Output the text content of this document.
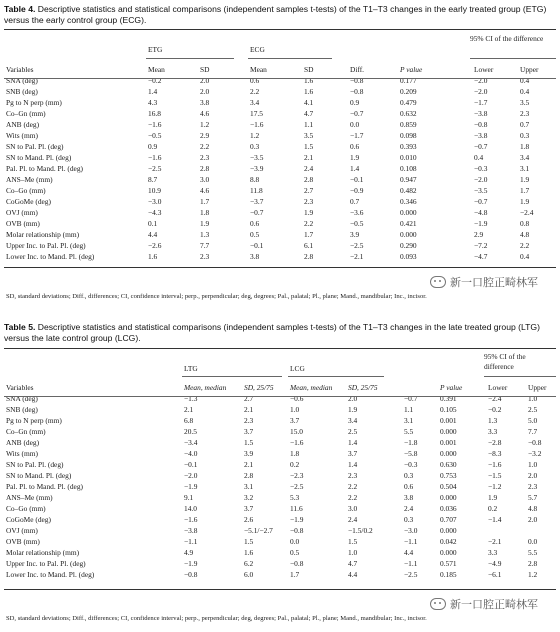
Table 4. Descriptive statistics and statistical comparisons (independent samples t-tests) of the T1–T3 changes in the early treated group (ETG) versus the early control group (ECG).
95% CI of the difference
ETG	ECG
Variables	Mean	SD	Mean	SD	Diff.	P value	Lower	Upper
SNA (deg)	−0.2	2.0	0.6	1.6	−0.8	0.177	−2.0	0.4
SNB (deg)	1.4	2.0	2.2	1.6	−0.8	0.209	−2.0	0.4
Pg to N perp (mm)	4.3	3.8	3.4	4.1	0.9	0.479	−1.7	3.5
Co–Gn (mm)	16.8	4.6	17.5	4.7	−0.7	0.632	−3.8	2.3
ANB (deg)	−1.6	1.2	−1.6	1.1	0.0	0.859	−0.8	0.7
Wits (mm)	−0.5	2.9	1.2	3.5	−1.7	0.098	−3.8	0.3
SN to Pal. Pl. (deg)	0.9	2.2	0.3	1.5	0.6	0.393	−0.7	1.8
SN to Mand. Pl. (deg)	−1.6	2.3	−3.5	2.1	1.9	0.010	0.4	3.4
Pal. Pl. to Mand. Pl. (deg)	−2.5	2.8	−3.9	2.4	1.4	0.108	−0.3	3.1
ANS–Me (mm)	8.7	3.0	8.8	2.8	−0.1	0.947	−2.0	1.9
Co–Go (mm)	10.9	4.6	11.8	2.7	−0.9	0.482	−3.5	1.7
CoGoMe (deg)	−3.0	1.7	−3.7	2.3	0.7	0.346	−0.7	1.9
OVJ (mm)	−4.3	1.8	−0.7	1.9	−3.6	0.000	−4.8	−2.4
OVB (mm)	0.1	1.9	0.6	2.2	−0.5	0.421	−1.9	0.8
Molar relationship (mm)	4.4	1.3	0.5	1.7	3.9	0.000	2.9	4.8
Upper Inc. to Pal. Pl. (deg)	−2.6	7.7	−0.1	6.1	−2.5	0.290	−7.2	2.2
Lower Inc. to Mand. Pl. (deg)	1.6	2.3	3.8	2.8	−2.1	0.093	−4.7	0.4
SD, standard deviations; Diff., differences; CI, confidence interval; perp., perpendicular; deg, degrees; Pal., palatal; Pl., plane; Mand., mandibular; Inc., incisor.
新一口腔正畸林军
Table 5. Descriptive statistics and statistical comparisons (independent samples t-tests) of the T1–T3 changes in the late treated group (LTG) versus the late control group (LCG).
95% CI of the
difference
LTG	LCG
Variables	Mean, median	SD, 25/75	Mean, median	SD, 25/75		P value	Lower	Upper
SNA (deg)	−1.3	2.7	−0.6	2.0	−0.7	0.391	−2.4	1.0
SNB (deg)	2.1	2.1	1.0	1.9	1.1	0.105	−0.2	2.5
Pg to N perp (mm)	6.8	2.3	3.7	3.4	3.1	0.001	1.3	5.0
Co–Gn (mm)	20.5	3.7	15.0	2.5	5.5	0.000	3.3	7.7
ANB (deg)	−3.4	1.5	−1.6	1.4	−1.8	0.001	−2.8	−0.8
Wits (mm)	−4.0	3.9	1.8	3.7	−5.8	0.000	−8.3	−3.2
SN to Pal. Pl. (deg)	−0.1	2.1	0.2	1.4	−0.3	0.630	−1.6	1.0
SN to Mand. Pl. (deg)	−2.0	2.8	−2.3	2.3	0.3	0.753	−1.5	2.0
Pal. Pl. to Mand. Pl. (deg)	−1.9	3.1	−2.5	2.2	0.6	0.504	−1.2	2.3
ANS–Me (mm)	9.1	3.2	5.3	2.2	3.8	0.000	1.9	5.7
Co–Go (mm)	14.0	3.7	11.6	3.0	2.4	0.036	0.2	4.8
CoGoMe (deg)	−1.6	2.6	−1.9	2.4	0.3	0.707	−1.4	2.0
OVJ (mm)	−3.8	−5.1/−2.7	−0.8	−1.5/0.2	−3.0	0.000		
OVB (mm)	−1.1	1.5	0.0	1.5	−1.1	0.042	−2.1	0.0
Molar relationship (mm)	4.9	1.6	0.5	1.0	4.4	0.000	3.3	5.5
Upper Inc. to Pal. Pl. (deg)	−1.9	6.2	−0.8	4.7	−1.1	0.571	−4.9	2.8
Lower Inc. to Mand. Pl. (deg)	−0.8	6.0	1.7	4.4	−2.5	0.185	−6.1	1.2
SD, standard deviations; Diff., differences; CI, confidence interval; perp., perpendicular; deg, degrees; Pal., palatal; Pl., plane; Mand., mandibular; Inc., incisor.
新一口腔正畸林军
